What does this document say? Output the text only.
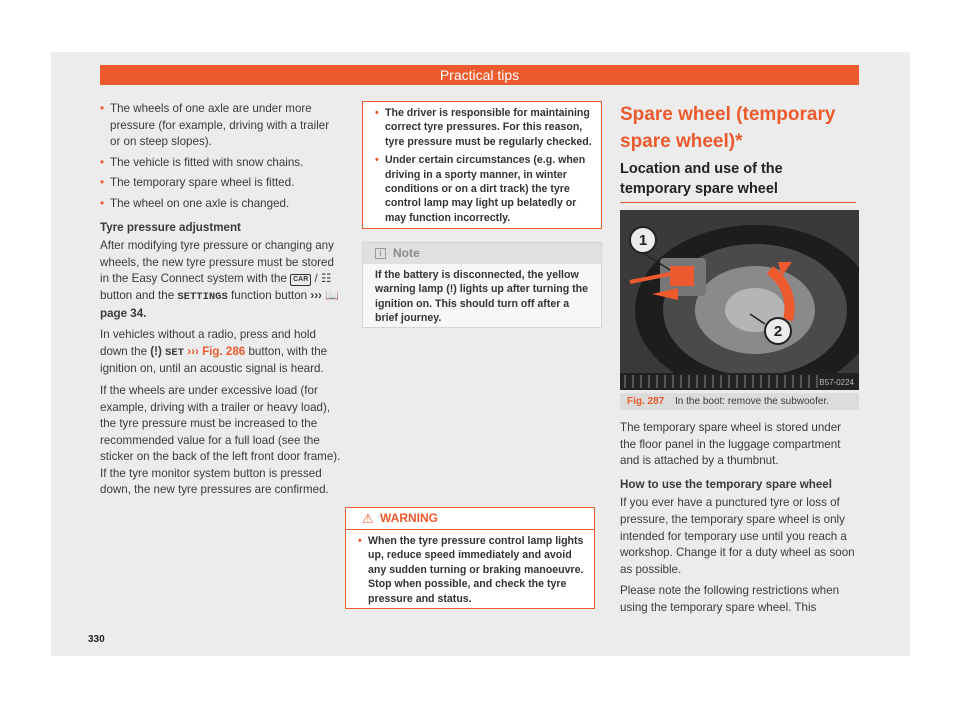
Practical tips
• The wheels of one axle are under more pressure (for example, driving with a trailer or on steep slopes).
• The vehicle is fitted with snow chains.
• The temporary spare wheel is fitted.
• The wheel on one axle is changed.

Tyre pressure adjustment

After modifying tyre pressure or changing any wheels, the new tyre pressure must be stored in the Easy Connect system with the CAR / ☷ button and the SETTINGS function button ››› 📖 page 34.

In vehicles without a radio, press and hold down the (!) SET ››› Fig. 286 button, with the ignition on, until an acoustic signal is heard.

If the wheels are under excessive load (for example, driving with a trailer or heavy load), the tyre pressure must be increased to the recommended value for a full load (see the sticker on the back of the left front door frame). If the tyre monitor system button is pressed down, the new tyre pressures are confirmed.

⚠ WARNING
• When the tyre pressure control lamp lights up, reduce speed immediately and avoid any sudden turning or braking manoeuvre. Stop when possible, and check the tyre pressure and status.
• The driver is responsible for maintaining correct tyre pressures. For this reason, tyre pressure must be regularly checked.
• Under certain circumstances (e.g. when driving in a sporty manner, in winter conditions or on a dirt track) the tyre control lamp may light up belatedly or may function incorrectly.
i Note
If the battery is disconnected, the yellow warning lamp (!) lights up after turning the ignition on. This should turn off after a brief journey.
Spare wheel (temporary spare wheel)*
Location and use of the temporary spare wheel
1
2
B57-0224
Fig. 287 In the boot: remove the subwoofer.

The temporary spare wheel is stored under the floor panel in the luggage compartment and is attached by a thumbnut.

How to use the temporary spare wheel

If you ever have a punctured tyre or loss of pressure, the temporary spare wheel is only intended for temporary use until you reach a workshop. Change it for a duty wheel as soon as possible.

Please note the following restrictions when using the temporary spare wheel. This

330
